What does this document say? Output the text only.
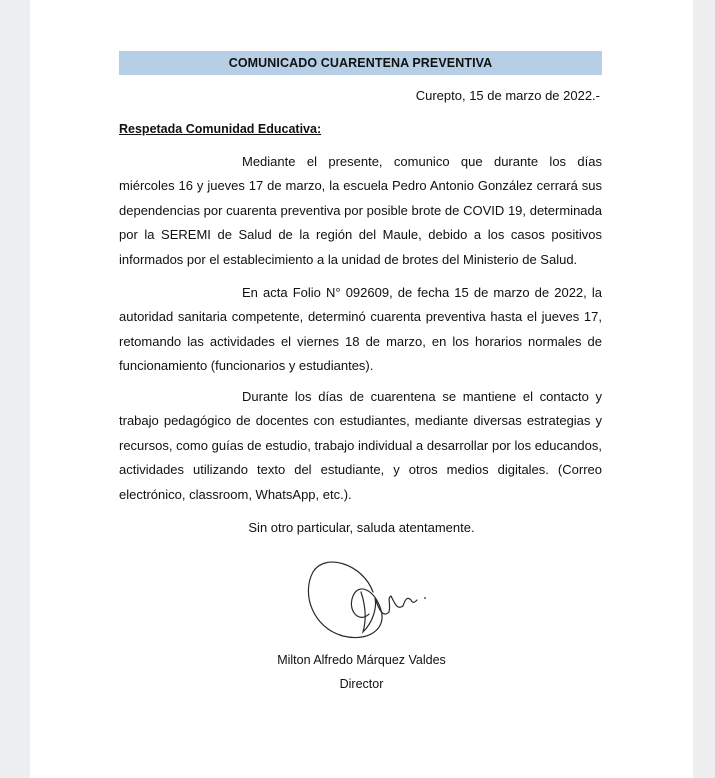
COMUNICADO CUARENTENA PREVENTIVA
Curepto, 15 de marzo de 2022.-
Respetada Comunidad Educativa:

Mediante el presente, comunico que durante los días miércoles 16 y jueves 17 de marzo, la escuela Pedro Antonio González cerrará sus dependencias por cuarenta preventiva por posible brote de COVID 19, determinada por la SEREMI de Salud de la región del Maule, debido a los casos positivos informados por el establecimiento a la unidad de brotes del Ministerio de Salud.

En acta Folio N° 092609, de fecha 15 de marzo de 2022, la autoridad sanitaria competente, determinó cuarenta preventiva hasta el jueves 17, retomando las actividades el viernes 18 de marzo, en los horarios normales de funcionamiento (funcionarios y estudiantes).

Durante los días de cuarentena se mantiene el contacto y trabajo pedagógico de docentes con estudiantes, mediante diversas estrategias y recursos, como guías de estudio, trabajo individual a desarrollar por los educandos, actividades utilizando texto del estudiante, y otros medios digitales. (Correo electrónico, classroom, WhatsApp, etc.).

Sin otro particular, saluda atentamente.
Milton Alfredo Márquez Valdes
Director
